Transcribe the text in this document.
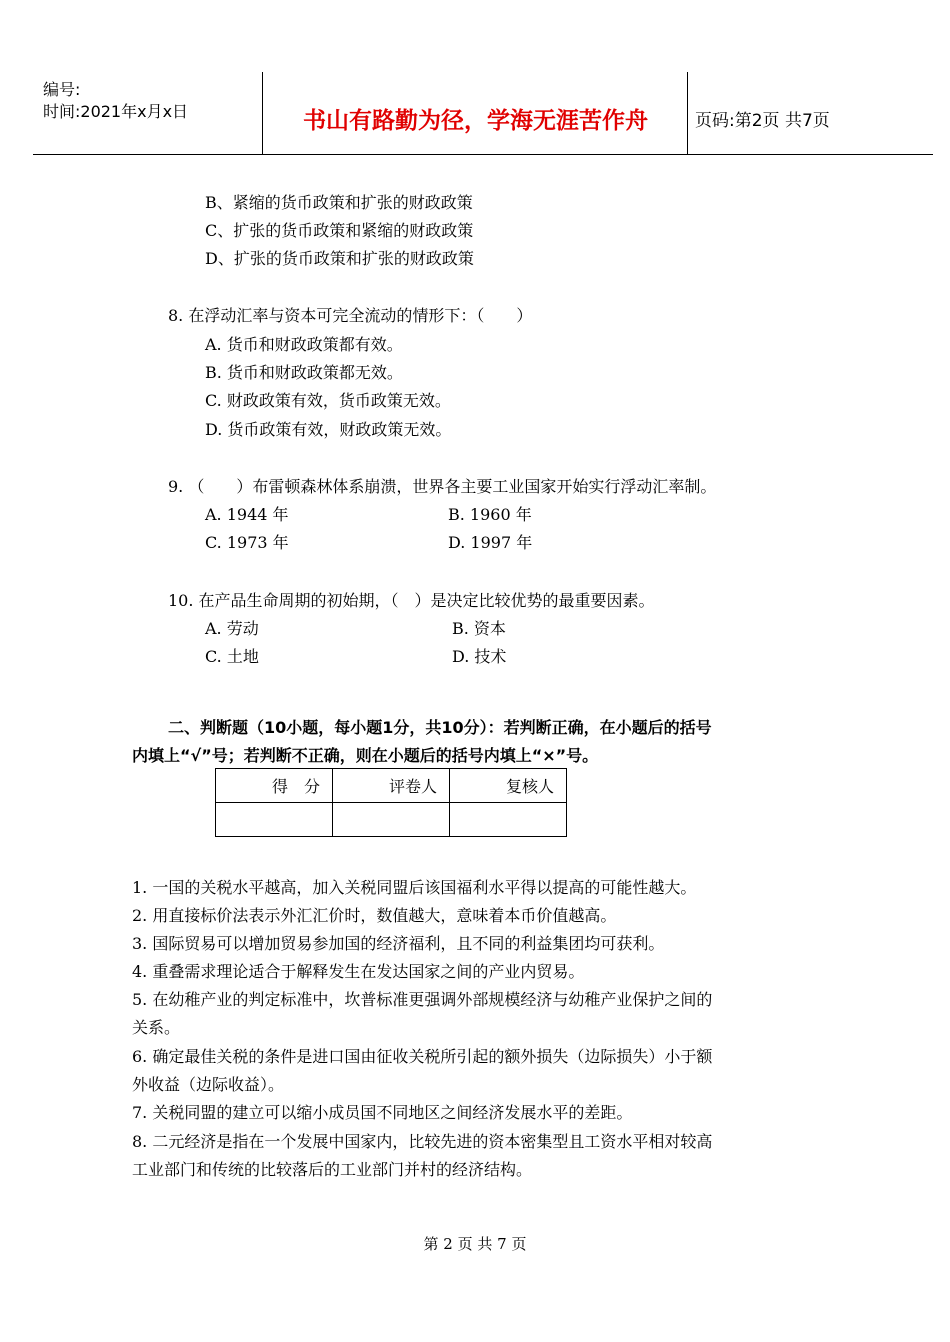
编号:
时间:2021年x月x日	书山有路勤为径，学海无涯苦作舟	页码:第2页 共7页
B、紧缩的货币政策和扩张的财政政策
C、扩张的货币政策和紧缩的财政政策
D、扩张的货币政策和扩张的财政政策
8. 在浮动汇率与资本可完全流动的情形下：（　　）
A. 货币和财政政策都有效。
B. 货币和财政政策都无效。
C. 财政政策有效，货币政策无效。
D. 货币政策有效，财政政策无效。
9. （　　）布雷顿森林体系崩溃，世界各主要工业国家开始实行浮动汇率制。
A. 1944 年	B. 1960 年
C. 1973 年	D. 1997 年
10. 在产品生命周期的初始期，（　）是决定比较优势的最重要因素。
A. 劳动	B. 资本
C. 土地	D. 技术
二、判断题（10小题，每小题1分，共10分）：若判断正确，在小题后的括号
内填上“√”号；若判断不正确，则在小题后的括号内填上“×”号。
得　分	评卷人	复核人

1. 一国的关税水平越高，加入关税同盟后该国福利水平得以提高的可能性越大。
2. 用直接标价法表示外汇汇价时，数值越大，意味着本币价值越高。
3. 国际贸易可以增加贸易参加国的经济福利，且不同的利益集团均可获利。
4. 重叠需求理论适合于解释发生在发达国家之间的产业内贸易。
5. 在幼稚产业的判定标准中，坎普标准更强调外部规模经济与幼稚产业保护之间的
关系。
6. 确定最佳关税的条件是进口国由征收关税所引起的额外损失（边际损失）小于额
外收益（边际收益）。
7. 关税同盟的建立可以缩小成员国不同地区之间经济发展水平的差距。
8. 二元经济是指在一个发展中国家内，比较先进的资本密集型且工资水平相对较高
工业部门和传统的比较落后的工业部门并村的经济结构。
第 2 页 共 7 页
